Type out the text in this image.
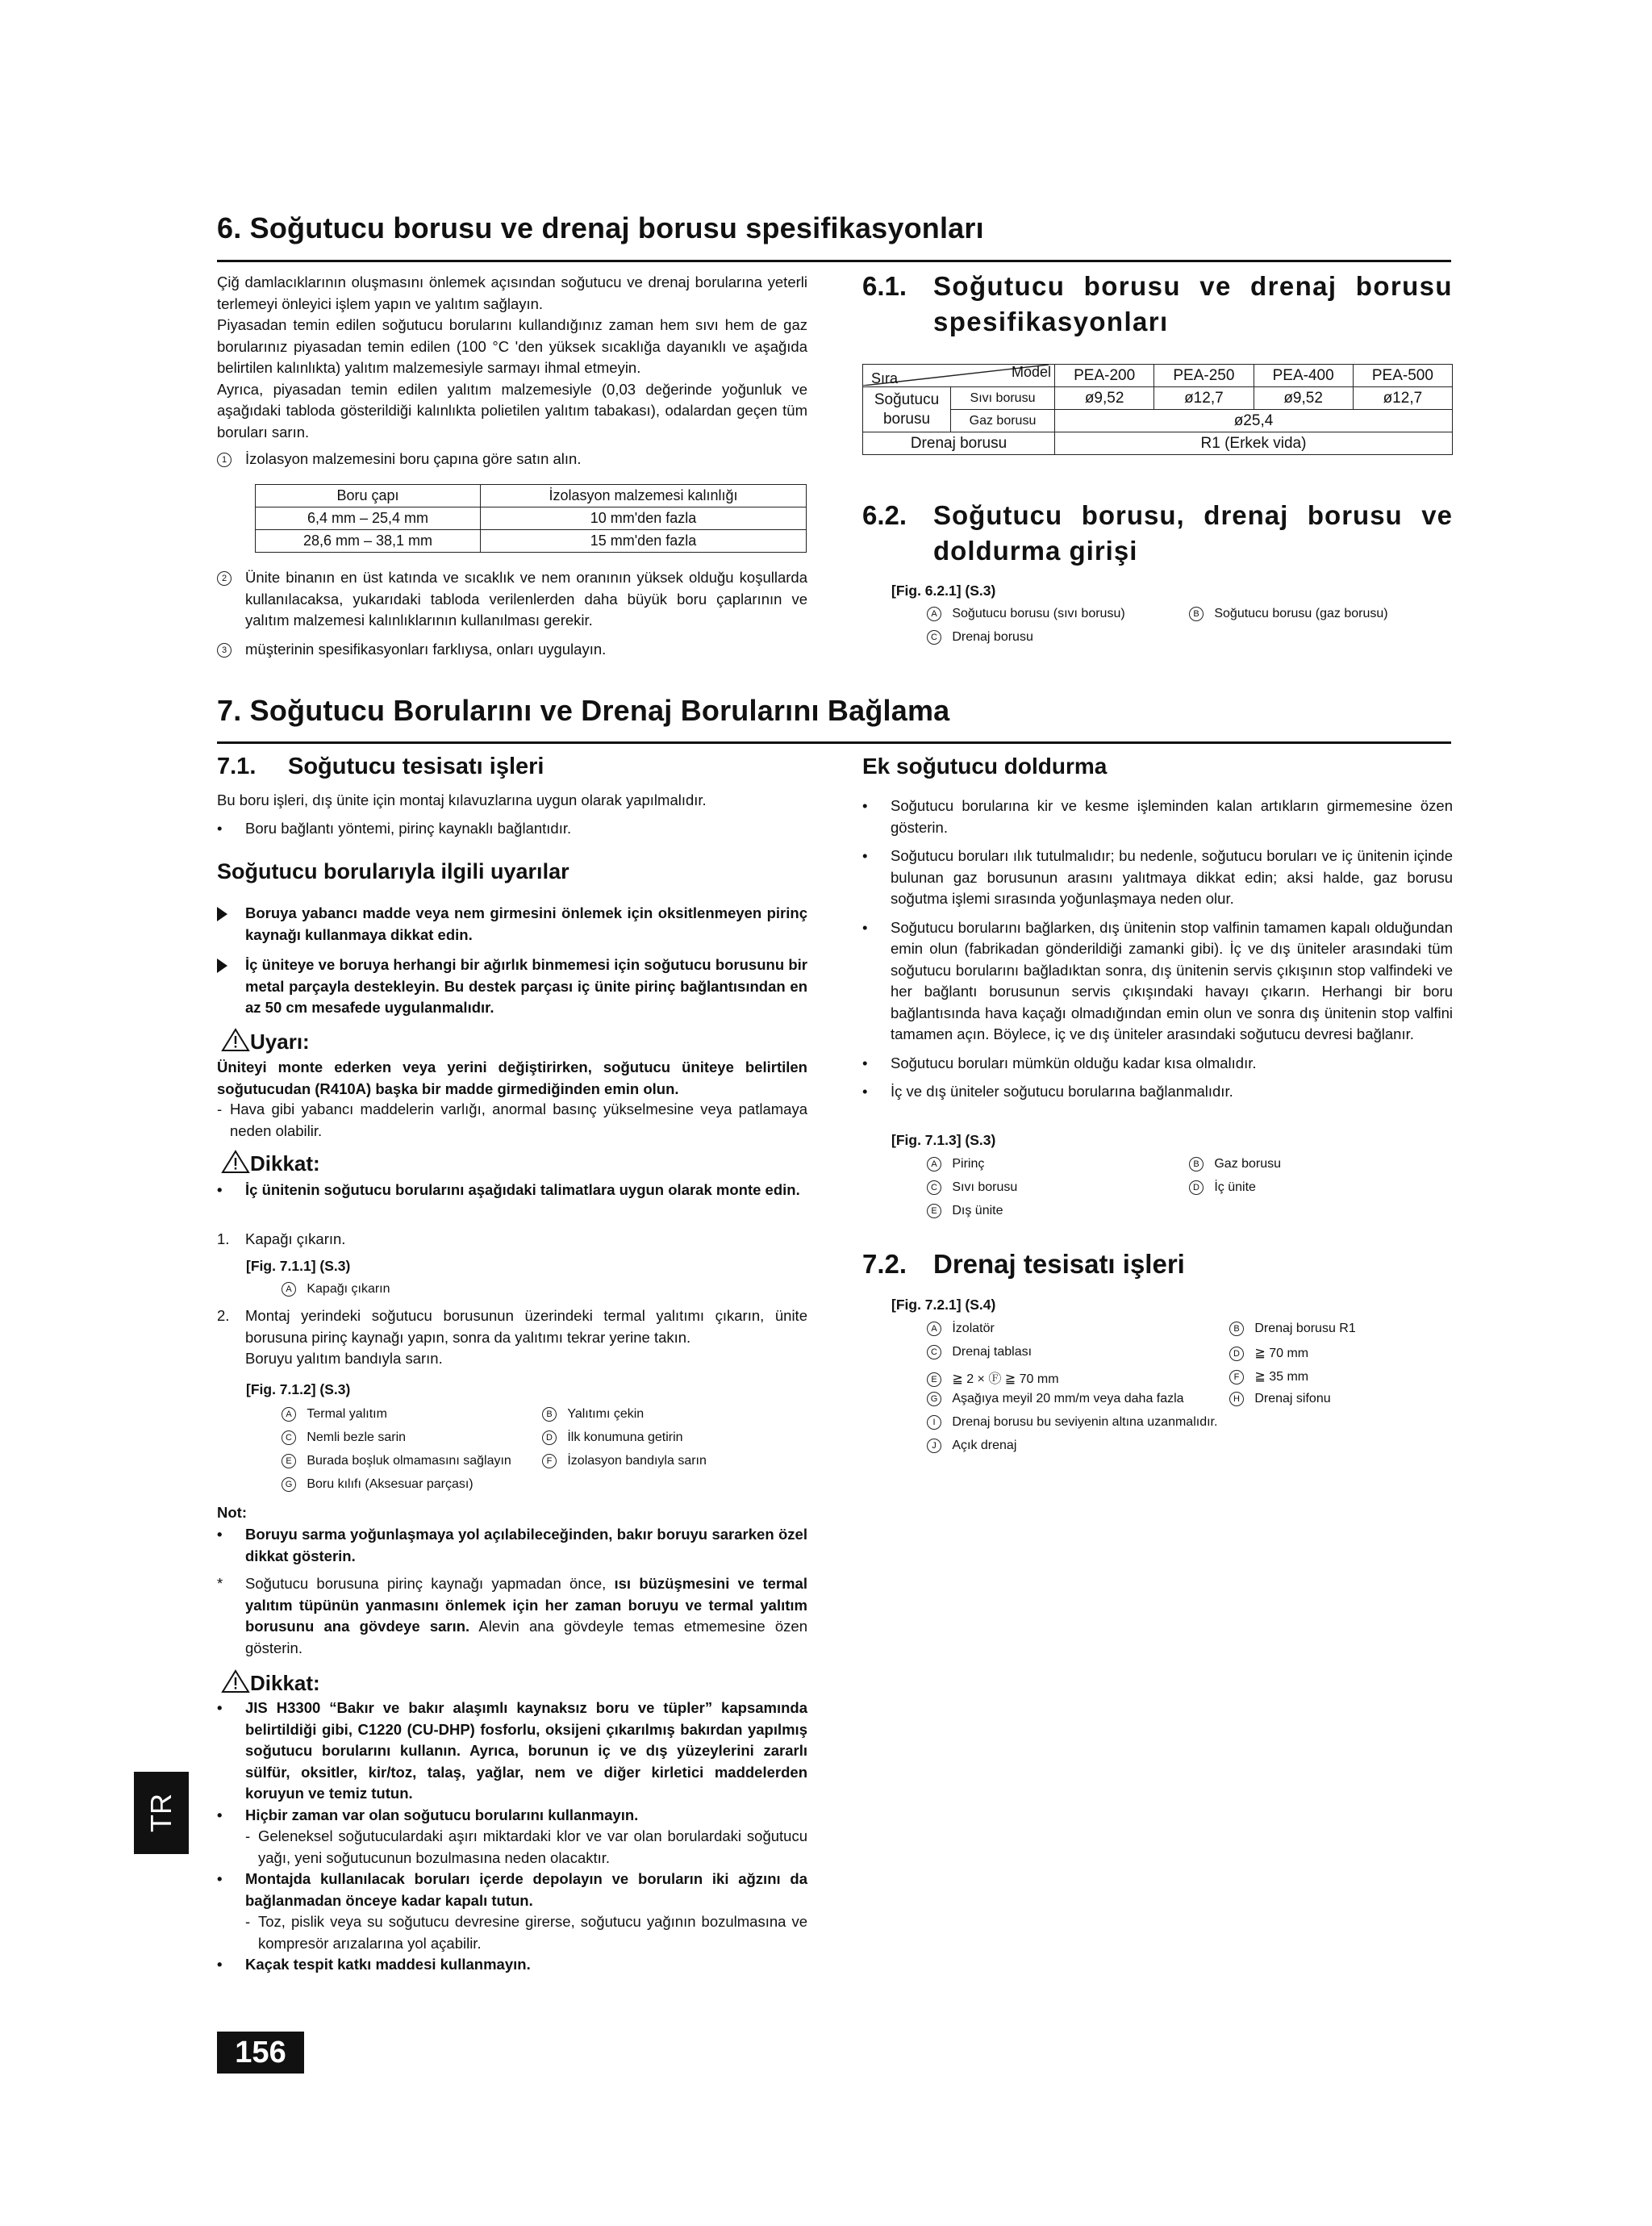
6. Soğutucu borusu ve drenaj borusu spesifikasyonları
Çiğ damlacıklarının oluşmasını önlemek açısından soğutucu ve drenaj borularına yeterli terlemeyi önleyici işlem yapın ve yalıtım sağlayın.
Piyasadan temin edilen soğutucu borularını kullandığınız zaman hem sıvı hem de gaz borularınız piyasadan temin edilen (100 °C 'den yüksek sıcaklığa dayanıklı ve aşağıda belirtilen kalınlıkta) yalıtım malzemesiyle sarmayı ihmal etmeyin.
Ayrıca, piyasadan temin edilen yalıtım malzemesiyle (0,03 değerinde yoğunluk ve aşağıdaki tabloda gösterildiği kalınlıkta polietilen yalıtım tabakası), odalardan geçen tüm boruları sarın.
1	İzolasyon malzemesini boru çapına göre satın alın.
Boru çapı	İzolasyon malzemesi kalınlığı
6,4 mm – 25,4 mm	10 mm'den fazla
28,6 mm – 38,1 mm	15 mm'den fazla
2	Ünite binanın en üst katında ve sıcaklık ve nem oranının yüksek olduğu koşullarda kullanılacaksa, yukarıdaki tabloda verilenlerden daha büyük boru çaplarının ve yalıtım malzemesi kalınlıklarının kullanılması gerekir.
3	müşterinin spesifikasyonları farklıysa, onları uygulayın.
6.1. Soğutucu borusu ve drenaj borusu spesifikasyonları
Sıra Model		PEA-200	PEA-250	PEA-400	PEA-500
Soğutucu borusu	Sıvı borusu	ø9,52	ø12,7	ø9,52	ø12,7
	Gaz borusu	ø25,4			
Drenaj borusu		R1 (Erkek vida)			
6.2. Soğutucu borusu, drenaj borusu ve doldurma girişi
[Fig. 6.2.1] (S.3)
A Soğutucu borusu (sıvı borusu)	B Soğutucu borusu (gaz borusu)
C Drenaj borusu
7. Soğutucu Borularını ve Drenaj Borularını Bağlama
7.1. Soğutucu tesisatı işleri
Bu boru işleri, dış ünite için montaj kılavuzlarına uygun olarak yapılmalıdır.
•	Boru bağlantı yöntemi, pirinç kaynaklı bağlantıdır.
Soğutucu borularıyla ilgili uyarılar
Boruya yabancı madde veya nem girmesini önlemek için oksitlenmeyen pirinç kaynağı kullanmaya dikkat edin.
İç üniteye ve boruya herhangi bir ağırlık binmemesi için soğutucu borusunu bir metal parçayla destekleyin. Bu destek parçası iç ünite pirinç bağlantısından en az 50 cm mesafede uygulanmalıdır.
Uyarı:
Üniteyi monte ederken veya yerini değiştirirken, soğutucu üniteye belirtilen soğutucudan (R410A) başka bir madde girmediğinden emin olun.
- Hava gibi yabancı maddelerin varlığı, anormal basınç yükselmesine veya patlamaya neden olabilir.
Dikkat:
•	İç ünitenin soğutucu borularını aşağıdaki talimatlara uygun olarak monte edin.
1.	Kapağı çıkarın.
[Fig. 7.1.1] (S.3)
A Kapağı çıkarın
2.	Montaj yerindeki soğutucu borusunun üzerindeki termal yalıtımı çıkarın, ünite borusuna pirinç kaynağı yapın, sonra da yalıtımı tekrar yerine takın.
Boruyu yalıtım bandıyla sarın.
[Fig. 7.1.2] (S.3)
A Termal yalıtım	B Yalıtımı çekin
C Nemli bezle sarin	D İlk konumuna getirin
E Burada boşluk olmamasını sağlayın	F İzolasyon bandıyla sarın
G Boru kılıfı (Aksesuar parçası)
Not:
•	Boruyu sarma yoğunlaşmaya yol açılabileceğinden, bakır boruyu sararken özel dikkat gösterin.
*	Soğutucu borusuna pirinç kaynağı yapmadan önce, ısı büzüşmesini ve termal yalıtım tüpünün yanmasını önlemek için her zaman boruyu ve termal yalıtım borusunu ana gövdeye sarın. Alevin ana gövdeyle temas etmemesine özen gösterin.
Dikkat:
•	JIS H3300 “Bakır ve bakır alaşımlı kaynaksız boru ve tüpler” kapsamında belirtildiği gibi, C1220 (CU-DHP) fosforlu, oksijeni çıkarılmış bakırdan yapılmış soğutucu borularını kullanın. Ayrıca, borunun iç ve dış yüzeylerini zararlı sülfür, oksitler, kir/toz, talaş, yağlar, nem ve diğer kirletici maddelerden koruyun ve temiz tutun.
•	Hiçbir zaman var olan soğutucu borularını kullanmayın.
- Geleneksel soğutuculardaki aşırı miktardaki klor ve var olan borulardaki soğutucu yağı, yeni soğutucunun bozulmasına neden olacaktır.
•	Montajda kullanılacak boruları içerde depolayın ve boruların iki ağzını da bağlanmadan önceye kadar kapalı tutun.
- Toz, pislik veya su soğutucu devresine girerse, soğutucu yağının bozulmasına ve kompresör arızalarına yol açabilir.
•	Kaçak tespit katkı maddesi kullanmayın.
Ek soğutucu doldurma
•	Soğutucu borularına kir ve kesme işleminden kalan artıkların girmemesine özen gösterin.
•	Soğutucu boruları ılık tutulmalıdır; bu nedenle, soğutucu boruları ve iç ünitenin içinde bulunan gaz borusunun arasını yalıtmaya dikkat edin; aksi halde, gaz borusu soğutma işlemi sırasında yoğunlaşmaya neden olur.
•	Soğutucu borularını bağlarken, dış ünitenin stop valfinin tamamen kapalı olduğundan emin olun (fabrikadan gönderildiği zamanki gibi). İç ve dış üniteler arasındaki tüm soğutucu borularını bağladıktan sonra, dış ünitenin servis çıkışının stop valfindeki ve her bağlantı borusunun servis çıkışındaki havayı çıkarın. Herhangi bir boru bağlantısında hava kaçağı olmadığından emin olun ve sonra dış ünitenin stop valfini tamamen açın. Böylece, iç ve dış üniteler arasındaki soğutucu devresi bağlanır.
•	Soğutucu boruları mümkün olduğu kadar kısa olmalıdır.
•	İç ve dış üniteler soğutucu borularına bağlanmalıdır.
[Fig. 7.1.3] (S.3)
A Pirinç	B Gaz borusu
C Sıvı borusu	D İç ünite
E Dış ünite
7.2. Drenaj tesisatı işleri
[Fig. 7.2.1] (S.4)
A İzolatör	B Drenaj borusu R1
C Drenaj tablası	D ≧ 70 mm
E ≧ 2 × Ⓕ ≧ 70 mm	F ≧ 35 mm
G Aşağıya meyil 20 mm/m veya daha fazla	H Drenaj sifonu
I Drenaj borusu bu seviyenin altına uzanmalıdır.
J Açık drenaj
TR
156
